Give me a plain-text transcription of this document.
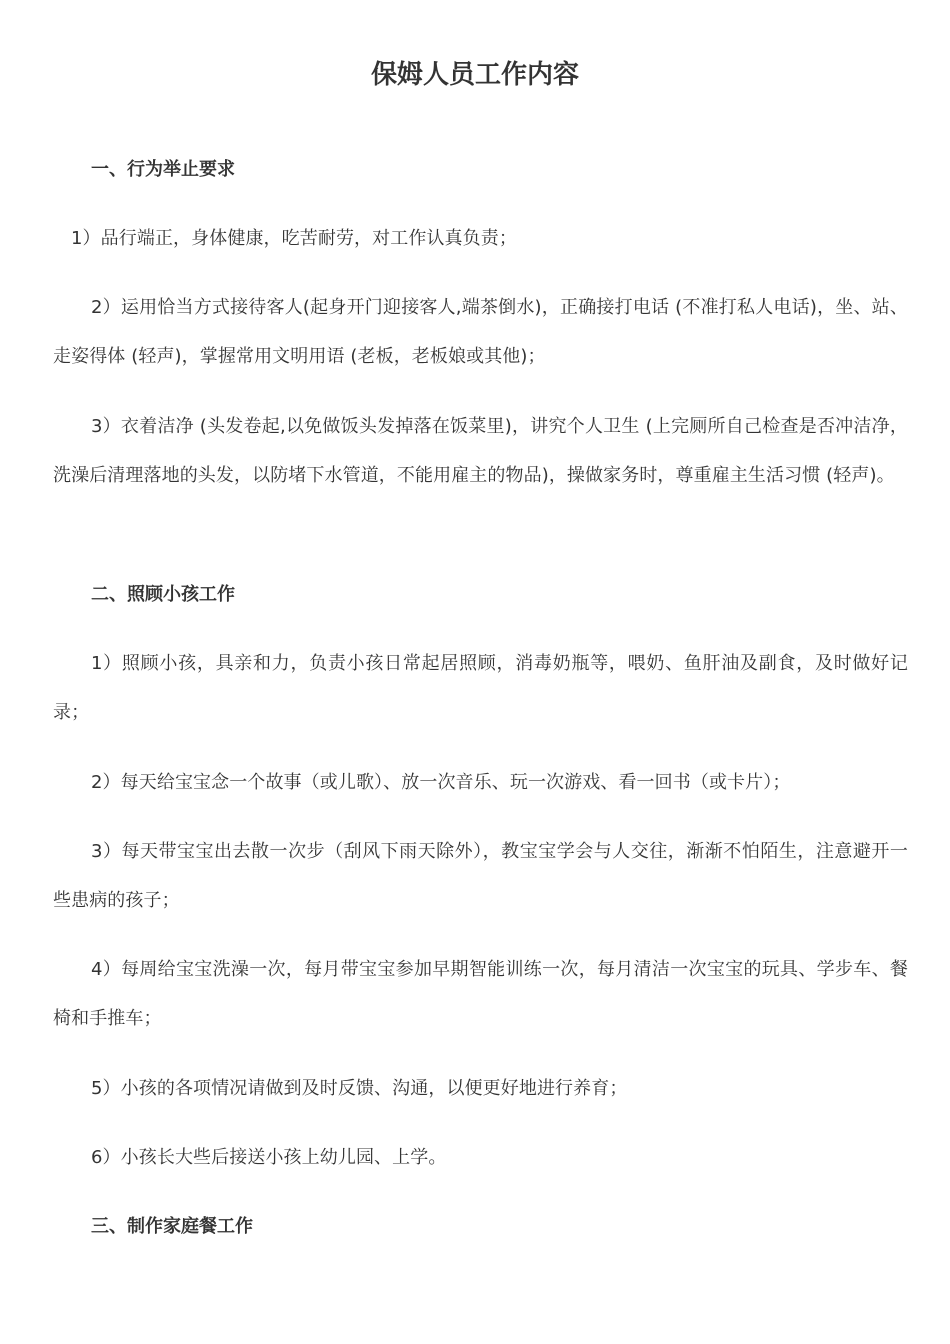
保姆人员工作内容
一、行为举止要求
1）品行端正，身体健康，吃苦耐劳，对工作认真负责；
2）运用恰当方式接待客人(起身开门迎接客人,端茶倒水)，正确接打电话 (不准打私人电话)，坐、站、走姿得体 (轻声)，掌握常用文明用语 (老板，老板娘或其他)；
3）衣着洁净 (头发卷起,以免做饭头发掉落在饭菜里)，讲究个人卫生 (上完厕所自己检查是否冲洁净，洗澡后清理落地的头发，以防堵下水管道，不能用雇主的物品)，操做家务时，尊重雇主生活习惯 (轻声)。
二、照顾小孩工作
1）照顾小孩，具亲和力，负责小孩日常起居照顾，消毒奶瓶等，喂奶、鱼肝油及副食，及时做好记录；
2）每天给宝宝念一个故事（或儿歌）、放一次音乐、玩一次游戏、看一回书（或卡片）；
3）每天带宝宝出去散一次步（刮风下雨天除外），教宝宝学会与人交往，渐渐不怕陌生，注意避开一些患病的孩子；
4）每周给宝宝洗澡一次，每月带宝宝参加早期智能训练一次，每月清洁一次宝宝的玩具、学步车、餐椅和手推车；
5）小孩的各项情况请做到及时反馈、沟通，以便更好地进行养育；
6）小孩长大些后接送小孩上幼儿园、上学。
三、制作家庭餐工作
